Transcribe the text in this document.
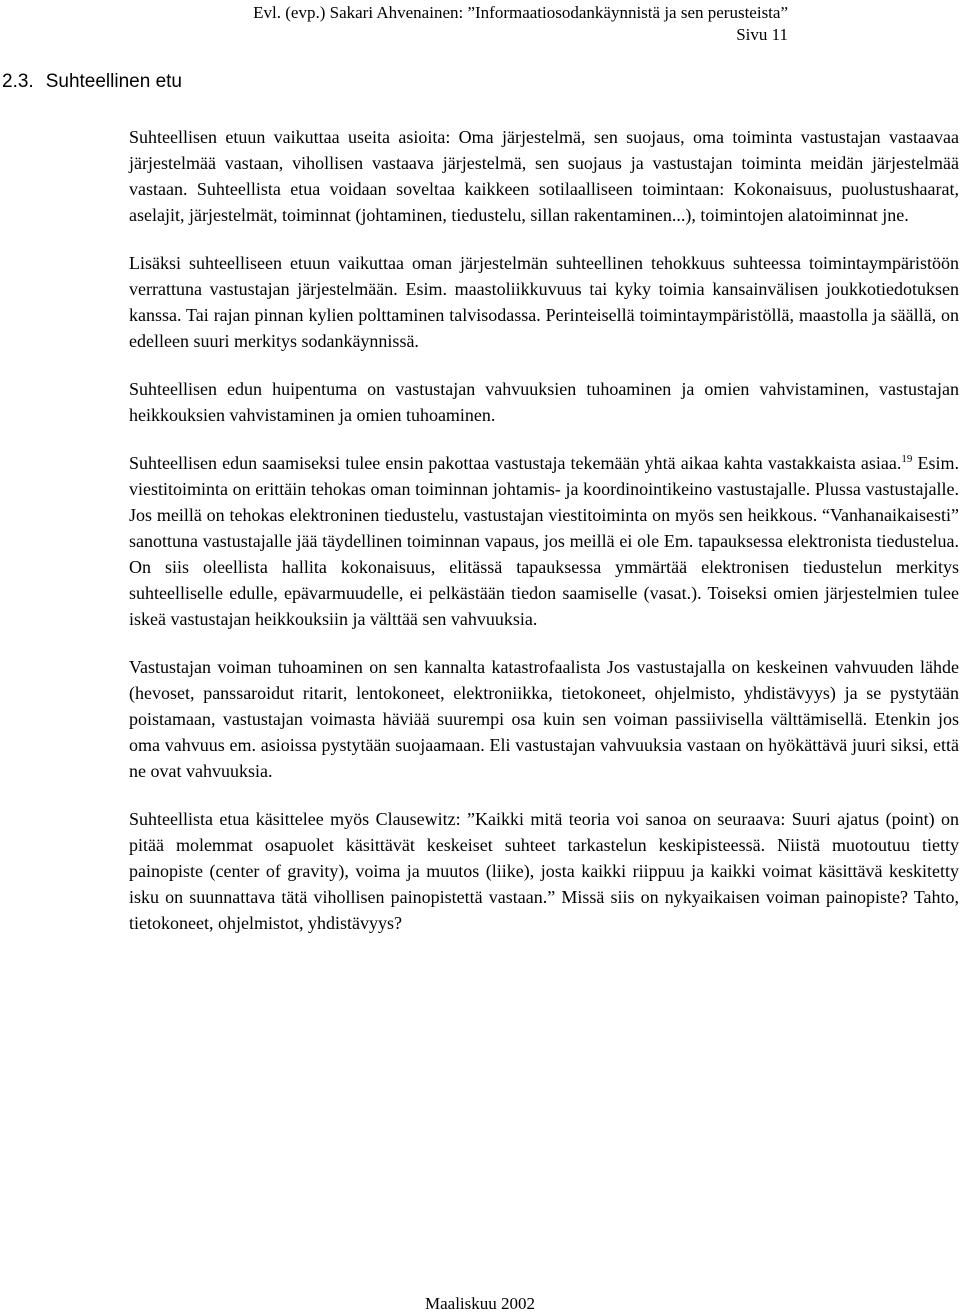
Evl. (evp.) Sakari Ahvenainen: ”Informaatiosodankäynnistä ja sen perusteista”
Sivu 11
2.3. Suhteellinen etu

Suhteellisen etuun vaikuttaa useita asioita: Oma järjestelmä, sen suojaus, oma toiminta vastustajan vastaavaa järjestelmää vastaan, vihollisen vastaava järjestelmä, sen suojaus ja vastustajan toiminta meidän järjestelmää vastaan. Suhteellista etua voidaan soveltaa kaikkeen sotilaalliseen toimintaan: Kokonaisuus, puolustushaarat, aselajit, järjestelmät, toiminnat (johtaminen, tiedustelu, sillan rakentaminen...), toimintojen alatoiminnat jne.

Lisäksi suhteelliseen etuun vaikuttaa oman järjestelmän suhteellinen tehokkuus suhteessa toimintaympäristöön verrattuna vastustajan järjestelmään. Esim. maastoliikkuvuus tai kyky toimia kansainvälisen joukkotiedotuksen kanssa. Tai rajan pinnan kylien polttaminen talvisodassa. Perinteisellä toimintaympäristöllä, maastolla ja säällä, on edelleen suuri merkitys sodankäynnissä.

Suhteellisen edun huipentuma on vastustajan vahvuuksien tuhoaminen ja omien vahvistaminen, vastustajan heikkouksien vahvistaminen ja omien tuhoaminen.

Suhteellisen edun saamiseksi tulee ensin pakottaa vastustaja tekemään yhtä aikaa kahta vastakkaista asiaa.$^{19}$ Esim. viestitoiminta on erittäin tehokas oman toiminnan johtamis- ja koordinointikeino vastustajalle. Plussa vastustajalle. Jos meillä on tehokas elektroninen tiedustelu, vastustajan viestitoiminta on myös sen heikkous. “Vanhanaikaisesti” sanottuna vastustajalle jää täydellinen toiminnan vapaus, jos meillä ei ole Em. tapauksessa elektronista tiedustelua. On siis oleellista hallita kokonaisuus, elitässä tapauksessa ymmärtää elektronisen tiedustelun merkitys suhteelliselle edulle, epävarmuudelle, ei pelkästään tiedon saamiselle (vasat.). Toiseksi omien järjestelmien tulee iskeä vastustajan heikkouksiin ja välttää sen vahvuuksia.

Vastustajan voiman tuhoaminen on sen kannalta katastrofaalista Jos vastustajalla on keskeinen vahvuuden lähde (hevoset, panssaroidut ritarit, lentokoneet, elektroniikka, tietokoneet, ohjelmisto, yhdistävyys) ja se pystytään poistamaan, vastustajan voimasta häviää suurempi osa kuin sen voiman passiivisella välttämisellä. Etenkin jos oma vahvuus em. asioissa pystytään suojaamaan. Eli vastustajan vahvuuksia vastaan on hyökättävä juuri siksi, että ne ovat vahvuuksia.

Suhteellista etua käsittelee myös Clausewitz: ”Kaikki mitä teoria voi sanoa on seuraava: Suuri ajatus (point) on pitää molemmat osapuolet käsittävät keskeiset suhteet tarkastelun keskipisteessä. Niistä muotoutuu tietty painopiste (center of gravity), voima ja muutos (liike), josta kaikki riippuu ja kaikki voimat käsittävä keskitetty isku on suunnattava tätä vihollisen painopistettä vastaan.” Missä siis on nykyaikaisen voiman painopiste? Tahto, tietokoneet, ohjelmistot, yhdistävyys?

Maaliskuu 2002
